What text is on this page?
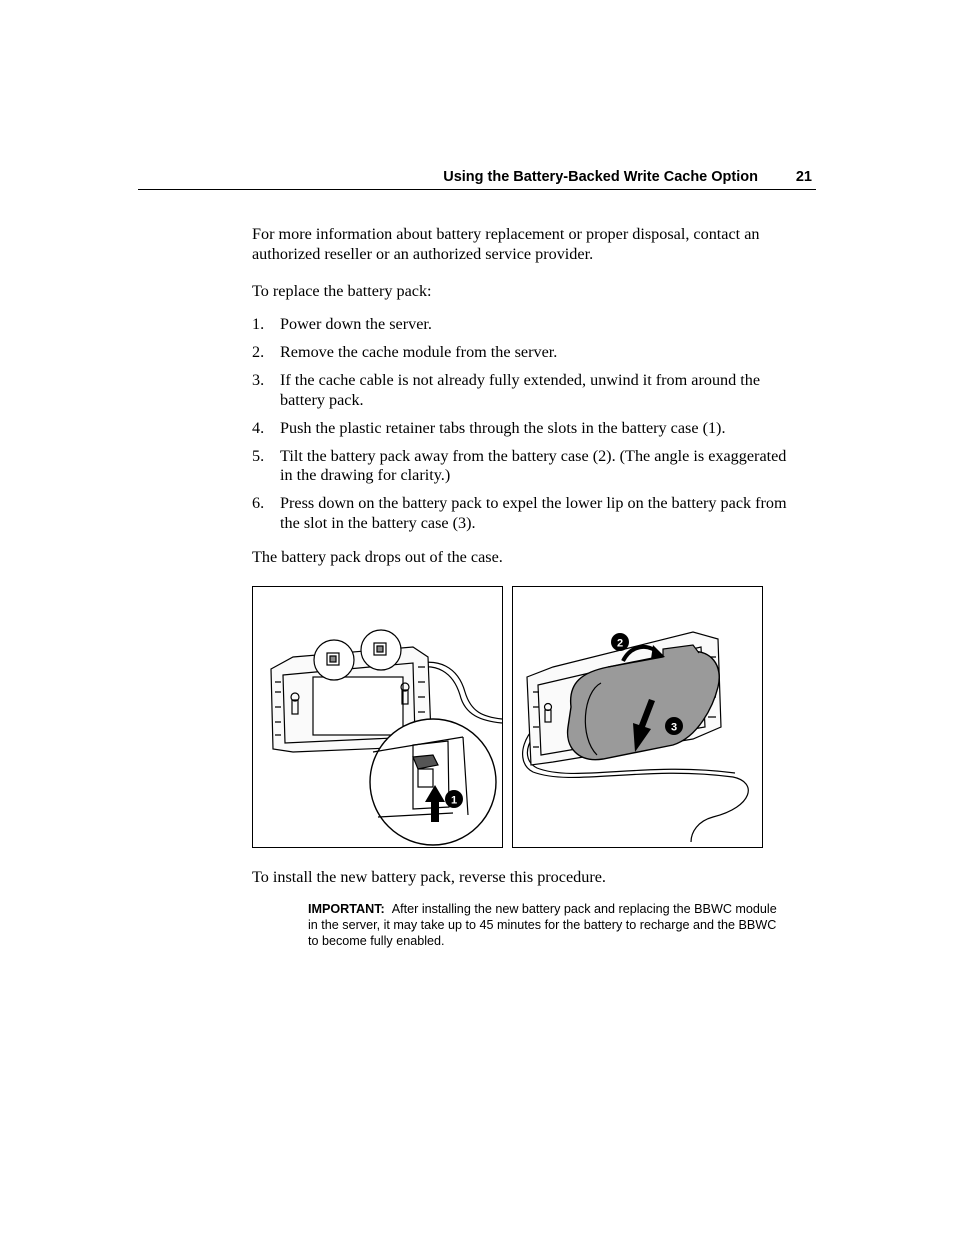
Using the Battery-Backed Write Cache Option	21
For more information about battery replacement or proper disposal, contact an authorized reseller or an authorized service provider.
To replace the battery pack:
1. Power down the server.
2. Remove the cache module from the server.
3. If the cache cable is not already fully extended, unwind it from around the battery pack.
4. Push the plastic retainer tabs through the slots in the battery case (1).
5. Tilt the battery pack away from the battery case (2). (The angle is exaggerated in the drawing for clarity.)
6. Press down on the battery pack to expel the lower lip on the battery pack from the slot in the battery case (3).
The battery pack drops out of the case.
1
2
3
To install the new battery pack, reverse this procedure.
IMPORTANT: After installing the new battery pack and replacing the BBWC module in the server, it may take up to 45 minutes for the battery to recharge and the BBWC to become fully enabled.
